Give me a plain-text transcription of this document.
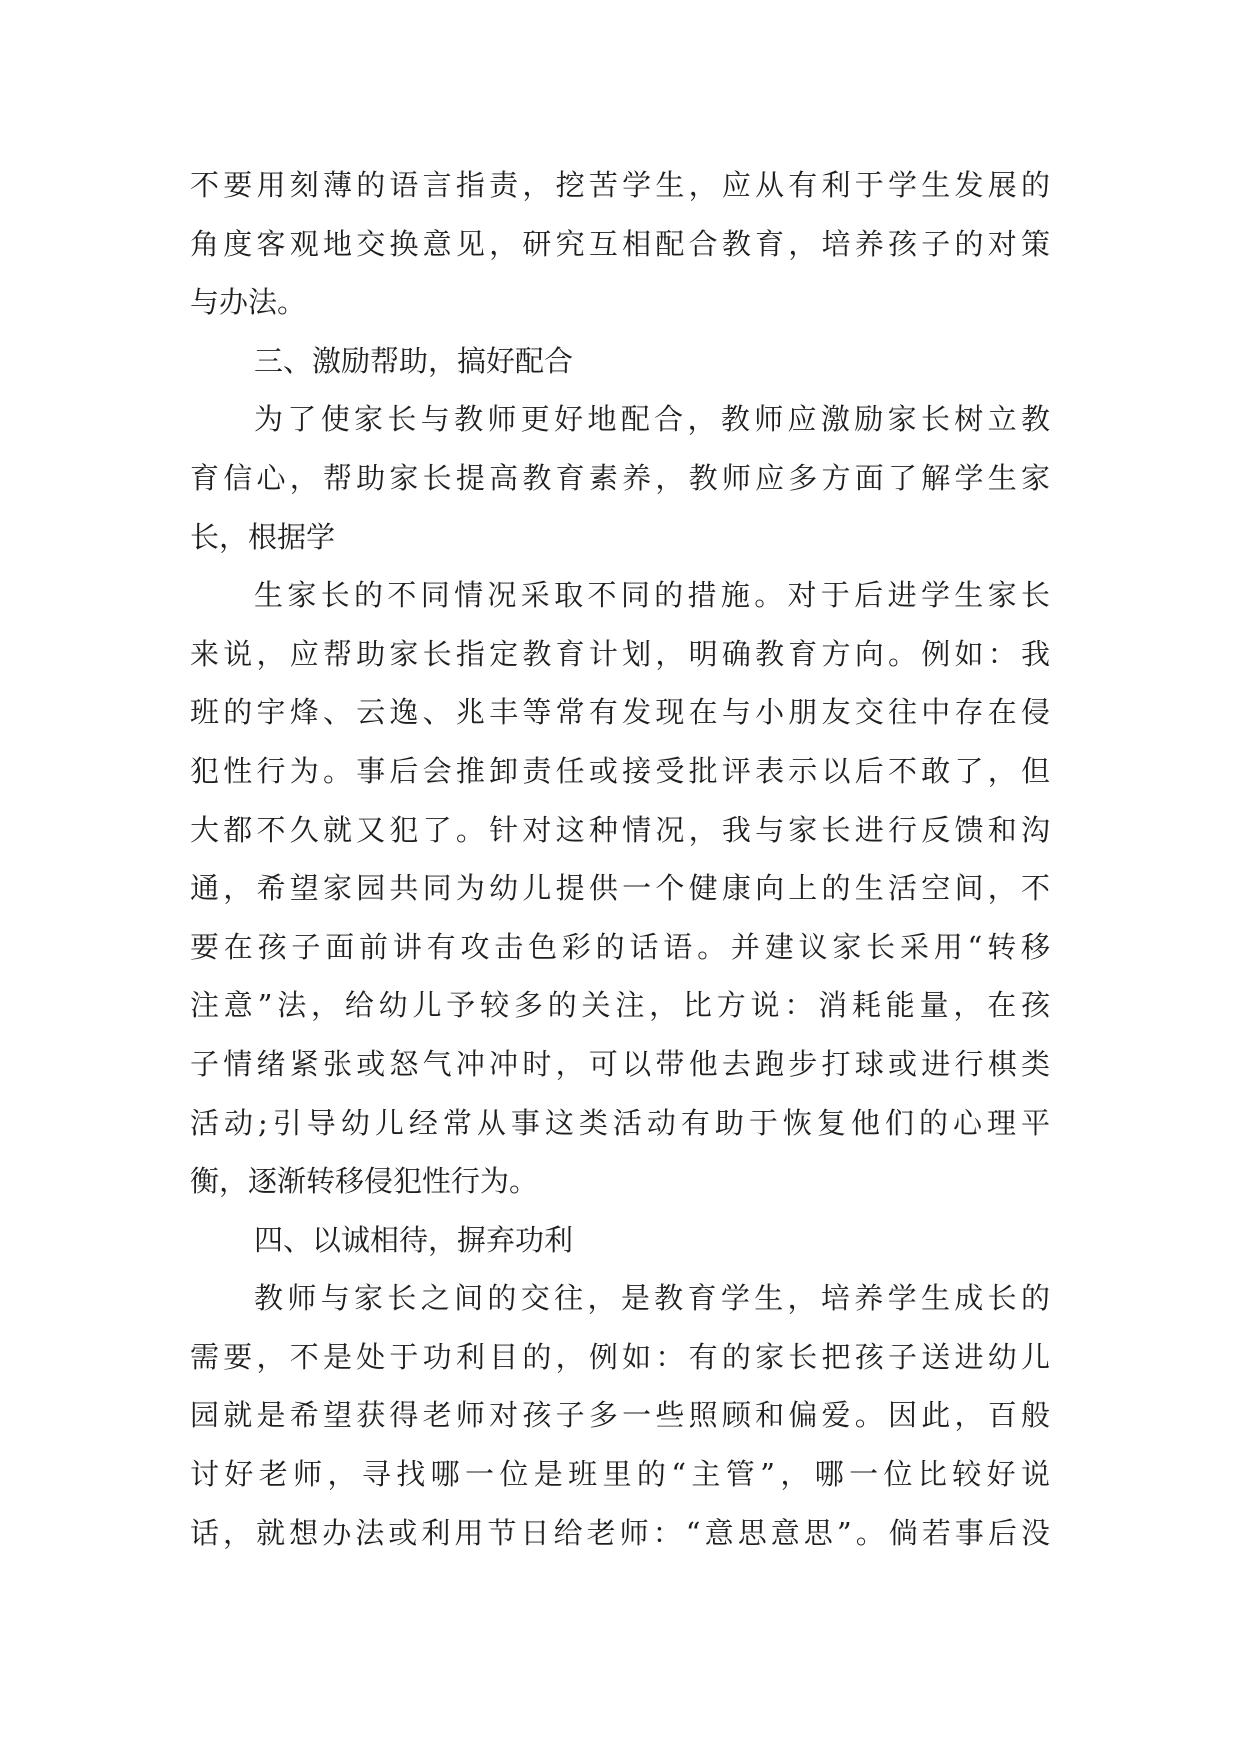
不要用刻薄的语言指责，挖苦学生，应从有利于学生发展的
角度客观地交换意见，研究互相配合教育，培养孩子的对策
与办法。
三、激励帮助，搞好配合
为了使家长与教师更好地配合，教师应激励家长树立教
育信心，帮助家长提高教育素养，教师应多方面了解学生家
长，根据学
生家长的不同情况采取不同的措施。对于后进学生家长
来说，应帮助家长指定教育计划，明确教育方向。例如：我
班的宇烽、云逸、兆丰等常有发现在与小朋友交往中存在侵
犯性行为。事后会推卸责任或接受批评表示以后不敢了，但
大都不久就又犯了。针对这种情况，我与家长进行反馈和沟
通，希望家园共同为幼儿提供一个健康向上的生活空间，不
要在孩子面前讲有攻击色彩的话语。并建议家长采用“转移
注意”法，给幼儿予较多的关注，比方说：消耗能量，在孩
子情绪紧张或怒气冲冲时，可以带他去跑步打球或进行棋类
活动;引导幼儿经常从事这类活动有助于恢复他们的心理平
衡，逐渐转移侵犯性行为。
四、以诚相待，摒弃功利
教师与家长之间的交往，是教育学生，培养学生成长的
需要，不是处于功利目的，例如：有的家长把孩子送进幼儿
园就是希望获得老师对孩子多一些照顾和偏爱。因此，百般
讨好老师，寻找哪一位是班里的“主管”，哪一位比较好说
话，就想办法或利用节日给老师：“意思意思”。倘若事后没
